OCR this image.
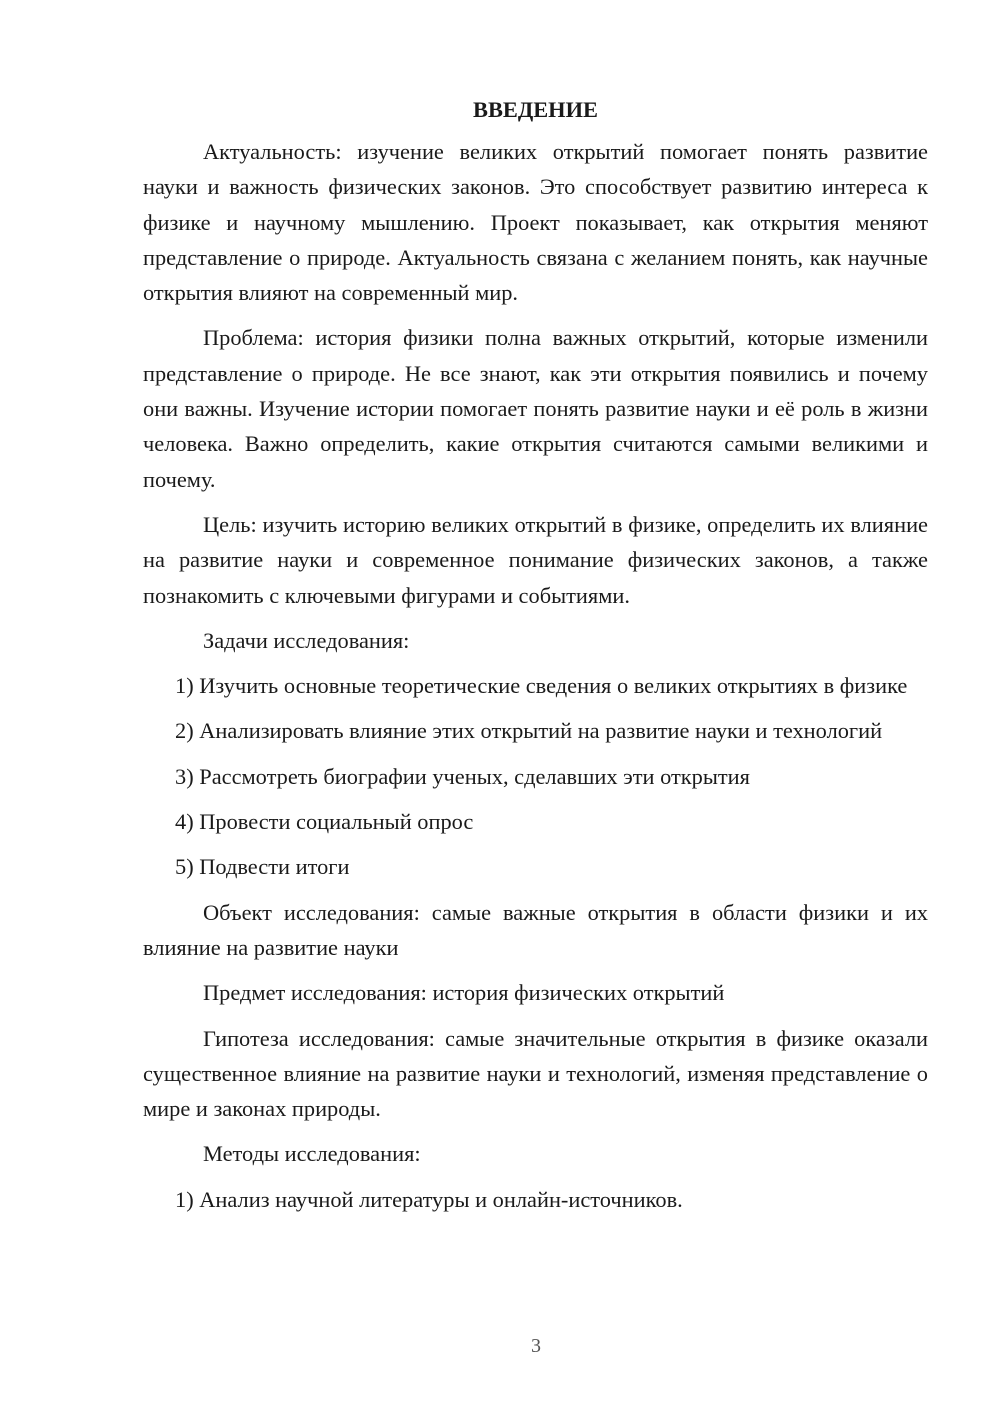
ВВЕДЕНИЕ

Актуальность: изучение великих открытий помогает понять развитие науки и важность физических законов. Это способствует развитию интереса к физике и научному мышлению. Проект показывает, как открытия меняют представление о природе. Актуальность связана с желанием понять, как научные открытия влияют на современный мир.

Проблема: история физики полна важных открытий, которые изменили представление о природе. Не все знают, как эти открытия появились и почему они важны. Изучение истории помогает понять развитие науки и её роль в жизни человека. Важно определить, какие открытия считаются самыми великими и почему.

Цель: изучить историю великих открытий в физике, определить их влияние на развитие науки и современное понимание физических законов, а также познакомить с ключевыми фигурами и событиями.

Задачи исследования:

1) Изучить основные теоретические сведения о великих открытиях в физике

2) Анализировать влияние этих открытий на развитие науки и технологий

3) Рассмотреть биографии ученых, сделавших эти открытия

4) Провести социальный опрос

5) Подвести итоги

Объект исследования: самые важные открытия в области физики и их влияние на развитие науки

Предмет исследования: история физических открытий

Гипотеза исследования: самые значительные открытия в физике оказали существенное влияние на развитие науки и технологий, изменяя представление о мире и законах природы.

Методы исследования:

1) Анализ научной литературы и онлайн-источников.

3
